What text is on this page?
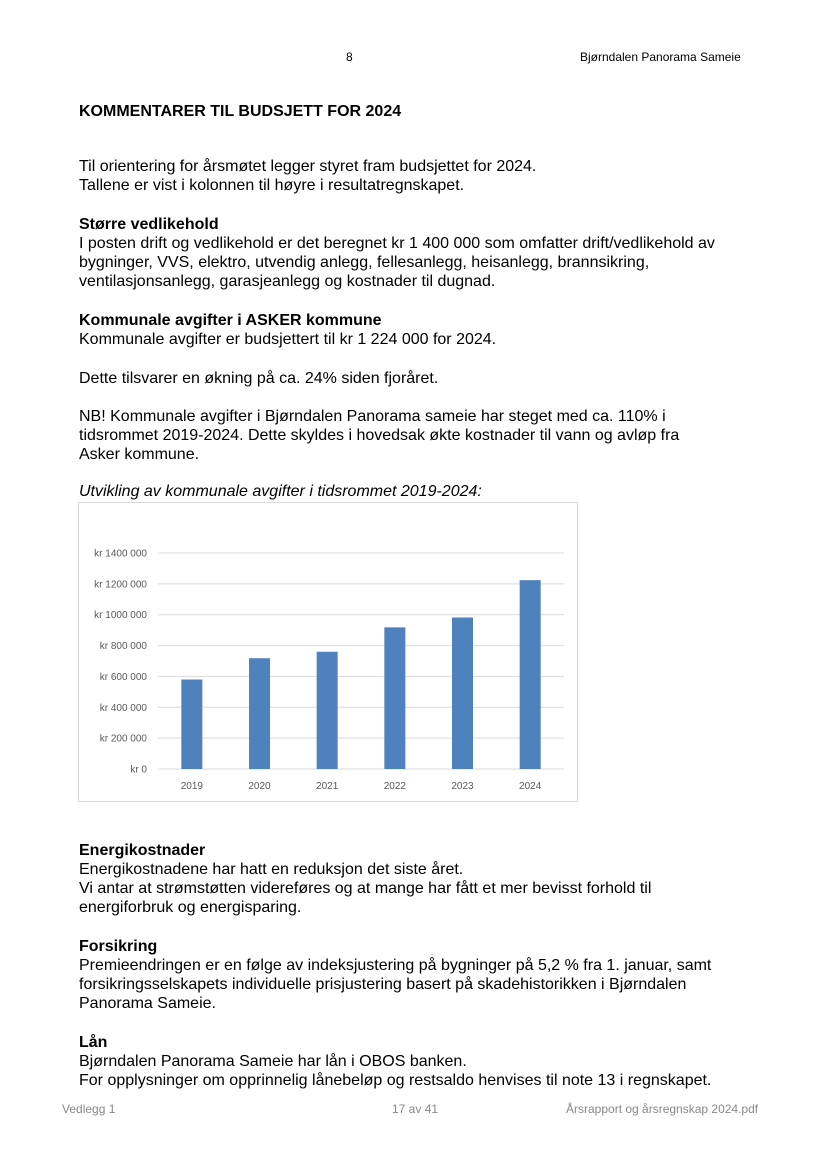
8	Bjørndalen Panorama Sameie
KOMMENTARER TIL BUDSJETT FOR 2024
Til orientering for årsmøtet legger styret fram budsjettet for 2024.
Tallene er vist i kolonnen til høyre i resultatregnskapet.
Større vedlikehold
I posten drift og vedlikehold er det beregnet kr 1 400 000 som omfatter drift/vedlikehold av
bygninger, VVS, elektro, utvendig anlegg, fellesanlegg, heisanlegg, brannsikring,
ventilasjonsanlegg, garasjeanlegg og kostnader til dugnad.
Kommunale avgifter i ASKER kommune
Kommunale avgifter er budsjettert til kr 1 224 000 for 2024.
Dette tilsvarer en økning på ca. 24% siden fjoråret.
NB! Kommunale avgifter i Bjørndalen Panorama sameie har steget med ca. 110% i
tidsrommet 2019-2024. Dette skyldes i hovedsak økte kostnader til vann og avløp fra
Asker kommune.
Utvikling av kommunale avgifter i tidsrommet 2019-2024:
kr 0
kr 200 000
kr 400 000
kr 600 000
kr 800 000
kr 1000 000
kr 1200 000
kr 1400 000
2019	2020	2021	2022	2023	2024
Energikostnader
Energikostnadene har hatt en reduksjon det siste året.
Vi antar at strømstøtten videreføres og at mange har fått et mer bevisst forhold til
energiforbruk og energisparing.
Forsikring
Premieendringen er en følge av indeksjustering på bygninger på 5,2 % fra 1. januar, samt
forsikringsselskapets individuelle prisjustering basert på skadehistorikken i Bjørndalen
Panorama Sameie.
Lån
Bjørndalen Panorama Sameie har lån i OBOS banken.
For opplysninger om opprinnelig lånebeløp og restsaldo henvises til note 13 i regnskapet.
Vedlegg 1	17 av 41	Årsrapport og årsregnskap 2024.pdf
